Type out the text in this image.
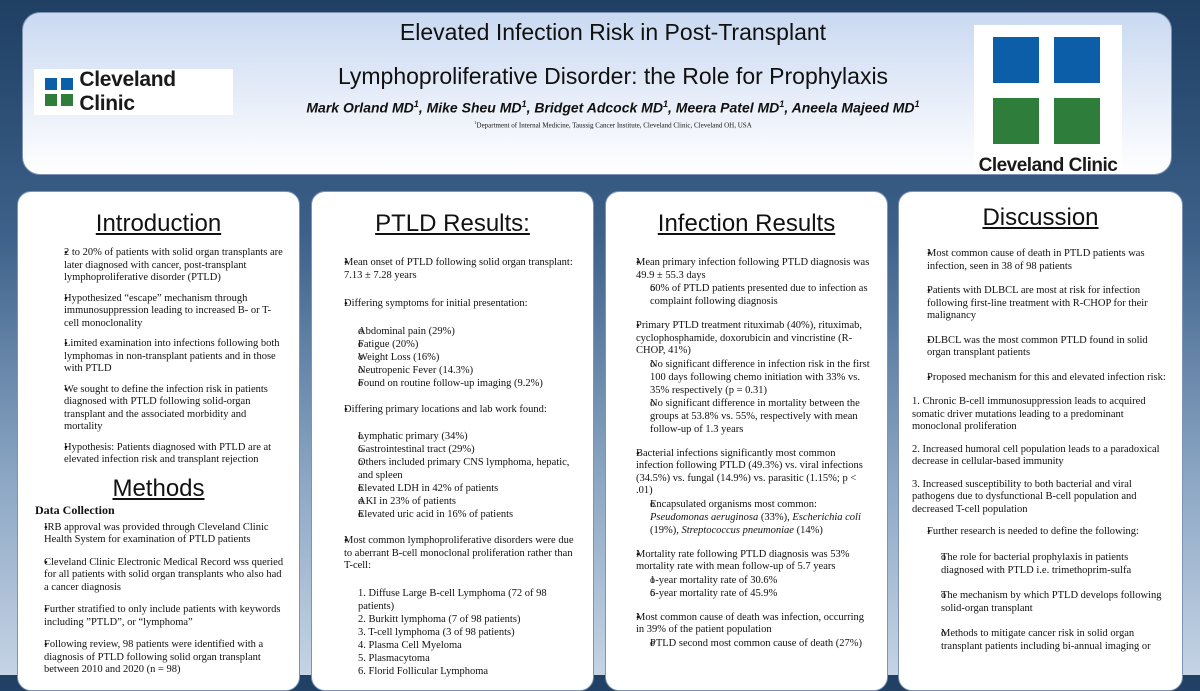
Cleveland Clinic
Elevated Infection Risk in Post-Transplant
Lymphoproliferative Disorder: the Role for Prophylaxis
Mark Orland $MD^1$, Mike Sheu $MD^1$, Bridget Adcock $MD^1$, Meera Patel $MD^1$, Aneela Majeed $MD^1$
$^1$Department of Internal Medicine, Taussig Cancer Institute, Cleveland Clinic, Cleveland OH, USA
Cleveland Clinic
Introduction
• 2 to 20% of patients with solid organ transplants are later diagnosed with cancer, post-transplant lymphoproliferative disorder (PTLD)
• Hypothesized “escape” mechanism through immunosuppression leading to increased B- or T-cell monoclonality
• Limited examination into infections following both lymphomas in non-transplant patients and in those with PTLD
• We sought to define the infection risk in patients diagnosed with PTLD following solid-organ transplant and the associated morbidity and mortality
• Hypothesis: Patients diagnosed with PTLD are at elevated infection risk and transplant rejection
Methods
Data Collection
• IRB approval was provided through Cleveland Clinic Health System for examination of PTLD patients
• Cleveland Clinic Electronic Medical Record wss queried for all patients with solid organ transplants who also had a cancer diagnosis
• Further stratified to only include patients with keywords including ”PTLD”, or “lymphoma”
• Following review, 98 patients were identified with a diagnosis of PTLD following solid organ transplant between 2010 and 2020 (n = 98)
PTLD Results:
• Mean onset of PTLD following solid organ transplant: 7.13 ± 7.28 years
• Differing symptoms for initial presentation:
o Abdominal pain (29%)
o Fatigue (20%)
o Weight Loss (16%)
o Neutropenic Fever (14.3%)
o Found on routine follow-up imaging (9.2%)
• Differing primary locations and lab work found:
o Lymphatic primary (34%)
o Gastrointestinal tract (29%)
o Others included primary CNS lymphoma, hepatic, and spleen
o Elevated LDH in 42% of patients
o AKI in 23% of patients
o Elevated uric acid in 16% of patients
• Most common lymphoproliferative disorders were due to aberrant B-cell monoclonal proliferation rather than T-cell:
1. Diffuse Large B-cell Lymphoma (72 of 98 patients)
2. Burkitt lymphoma (7 of 98 patients)
3. T-cell lymphoma (3 of 98 patients)
4. Plasma Cell Myeloma
5. Plasmacytoma
6. Florid Follicular Lymphoma
Infection Results
• Mean primary infection following PTLD diagnosis was 49.9 ± 55.3 days
o 60% of PTLD patients presented due to infection as complaint following diagnosis
• Primary PTLD treatment rituximab (40%), rituximab, cyclophosphamide, doxorubicin and vincristine (R-CHOP, 41%)
o No significant difference in infection risk in the first 100 days following chemo initiation with 33% vs. 35% respectively (p = 0.31)
o No significant difference in mortality between the groups at 53.8% vs. 55%, respectively with mean follow-up of 1.3 years
• Bacterial infections significantly most common infection following PTLD (49.3%) vs. viral infections (34.5%) vs. fungal (14.9%) vs. parasitic (1.15%; p < .01)
o Encapsulated organisms most common: Pseudomonas aeruginosa (33%), Escherichia coli (19%), Streptococcus pneumoniae (14%)
• Mortality rate following PTLD diagnosis was 53% mortality rate with mean follow-up of 5.7 years
o 1-year mortality rate of 30.6%
o 6-year mortality rate of 45.9%
• Most common cause of death was infection, occurring in 39% of the patient population
o PTLD second most common cause of death (27%)
Discussion
• Most common cause of death in PTLD patients was infection, seen in 38 of 98 patients
• Patients with DLBCL are most at risk for infection following first-line treatment with R-CHOP for their malignancy
• DLBCL was the most common PTLD found in solid organ transplant patients
• Proposed mechanism for this and elevated infection risk:
1. Chronic B-cell immunosuppression leads to acquired somatic driver mutations leading to a predominant monoclonal proliferation
2. Increased humoral cell population leads to a paradoxical decrease in cellular-based immunity
3. Increased susceptibility to both bacterial and viral pathogens due to dysfunctional B-cell population and decreased T-cell population
• Further research is needed to define the following:
o The role for bacterial prophylaxis in patients diagnosed with PTLD i.e. trimethoprim-sulfa
o The mechanism by which PTLD develops following solid-organ transplant
o Methods to mitigate cancer risk in solid organ transplant patients including bi-annual imaging or
